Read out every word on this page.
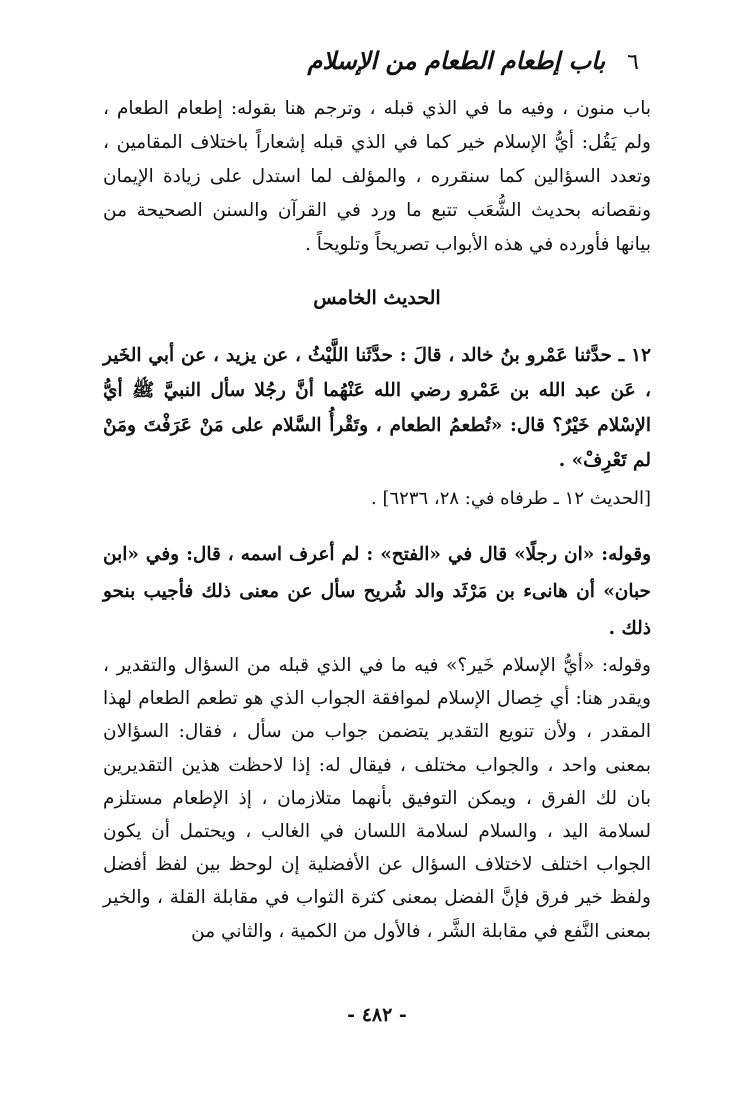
٦
باب إطعام الطعام من الإسلام
باب منون ، وفيه ما في الذي قبله ، وترجم هنا بقوله: إطعام الطعام ، ولم يَقُل: أيُّ الإسلام خير كما في الذي قبله إشعاراً باختلاف المقامين ، وتعدد السؤالين كما سنقرره ، والمؤلف لما استدل على زيادة الإيمان ونقصانه بحديث الشُّعَب تتبع ما ورد في القرآن والسنن الصحيحة من بيانها فأورده في هذه الأبواب تصريحاً وتلويحاً .
الحديث الخامس
١٢ ـ حدَّثنا عَمْرو بنُ خالد ، قالَ : حدَّثَنا اللَّيْثُ ، عن يزيد ، عن أبي الخَير ، عَن عبد الله بن عَمْرو رضي الله عَنْهُما أنَّ رجُلا سأل النبيَّ ﷺ أيُّ الإسْلام خَيْرٌ؟ قال: «تُطعمُ الطعام ، وتَقْرأُ السَّلام على مَنْ عَرَفْتَ ومَنْ لم تَعْرِفْ» .
[الحديث ١٢ ـ طرفاه في: ٢٨، ٦٢٣٦] .
وقوله: «ان رجلًا» قال في «الفتح» : لم أعرف اسمه ، قال: وفي «ابن حبان» أن هانىء بن مَرْثَد والد شُريح سأل عن معنى ذلك فأجيب بنحو ذلك .
وقوله: «أيُّ الإسلام خَير؟» فيه ما في الذي قبله من السؤال والتقدير ، ويقدر هنا: أي خِصال الإسلام لموافقة الجواب الذي هو تطعم الطعام لهذا المقدر ، ولأن تنويع التقدير يتضمن جواب من سأل ، فقال: السؤالان بمعنى واحد ، والجواب مختلف ، فيقال له: إذا لاحظت هذين التقديرين بان لك الفرق ، ويمكن التوفيق بأنهما متلازمان ، إذ الإطعام مستلزم لسلامة اليد ، والسلام لسلامة اللسان في الغالب ، ويحتمل أن يكون الجواب اختلف لاختلاف السؤال عن الأفضلية إن لوحظ بين لفظ أفضل ولفظ خير فرق فإنَّ الفضل بمعنى كثرة الثواب في مقابلة القلة ، والخير بمعنى النَّفع في مقابلة الشَّر ، فالأول من الكمية ، والثاني من
- ٤٨٢ -
